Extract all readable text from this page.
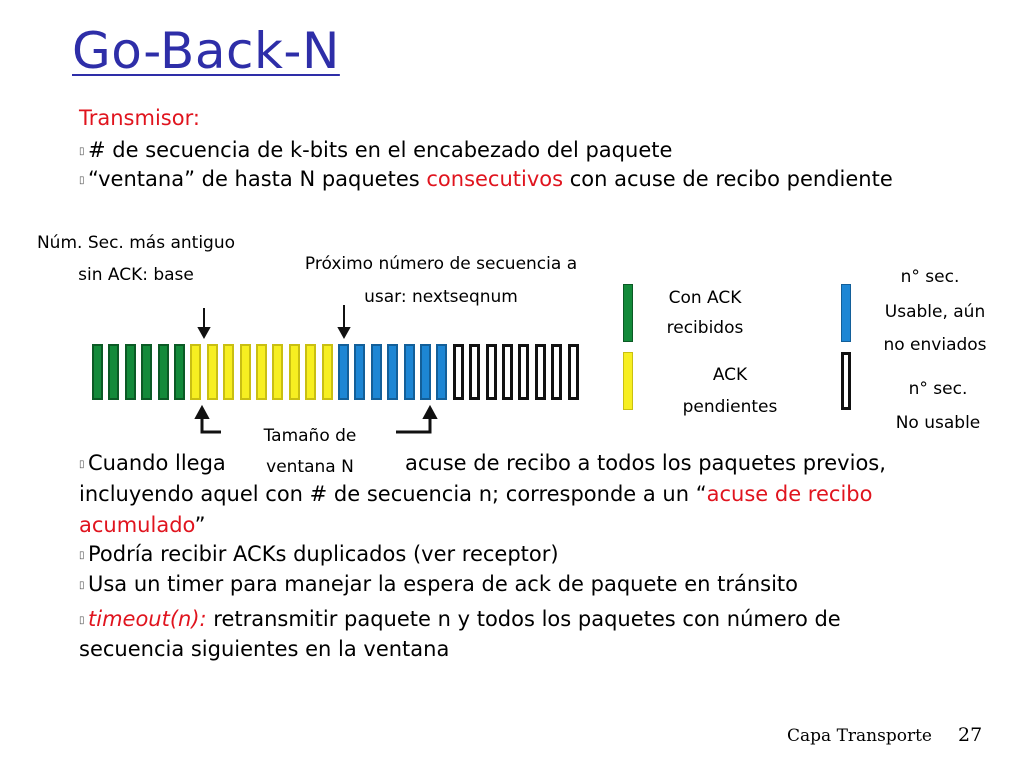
Go-Back-N
Transmisor:
▯ # de secuencia de k-bits en el encabezado del paquete
▯ “ventana” de hasta N paquetes consecutivos con acuse de recibo pendiente
Núm. Sec. más antiguo
sin ACK: base
Próximo número de secuencia a
usar: nextseqnum
Tamaño de
ventana N
Con ACK
recibidos
ACK
pendientes
n° sec.
Usable, aún
no enviados
n° sec.
No usable
▯ Cuando llega	acuse de recibo a todos los paquetes previos,
incluyendo aquel con # de secuencia n; corresponde a un “acuse de recibo
acumulado”
▯ Podría recibir ACKs duplicados (ver receptor)
▯ Usa un timer para manejar la espera de ack de paquete en tránsito
▯ timeout(n): retransmitir paquete n y todos los paquetes con número de
secuencia siguientes en la ventana
Capa Transporte 27
